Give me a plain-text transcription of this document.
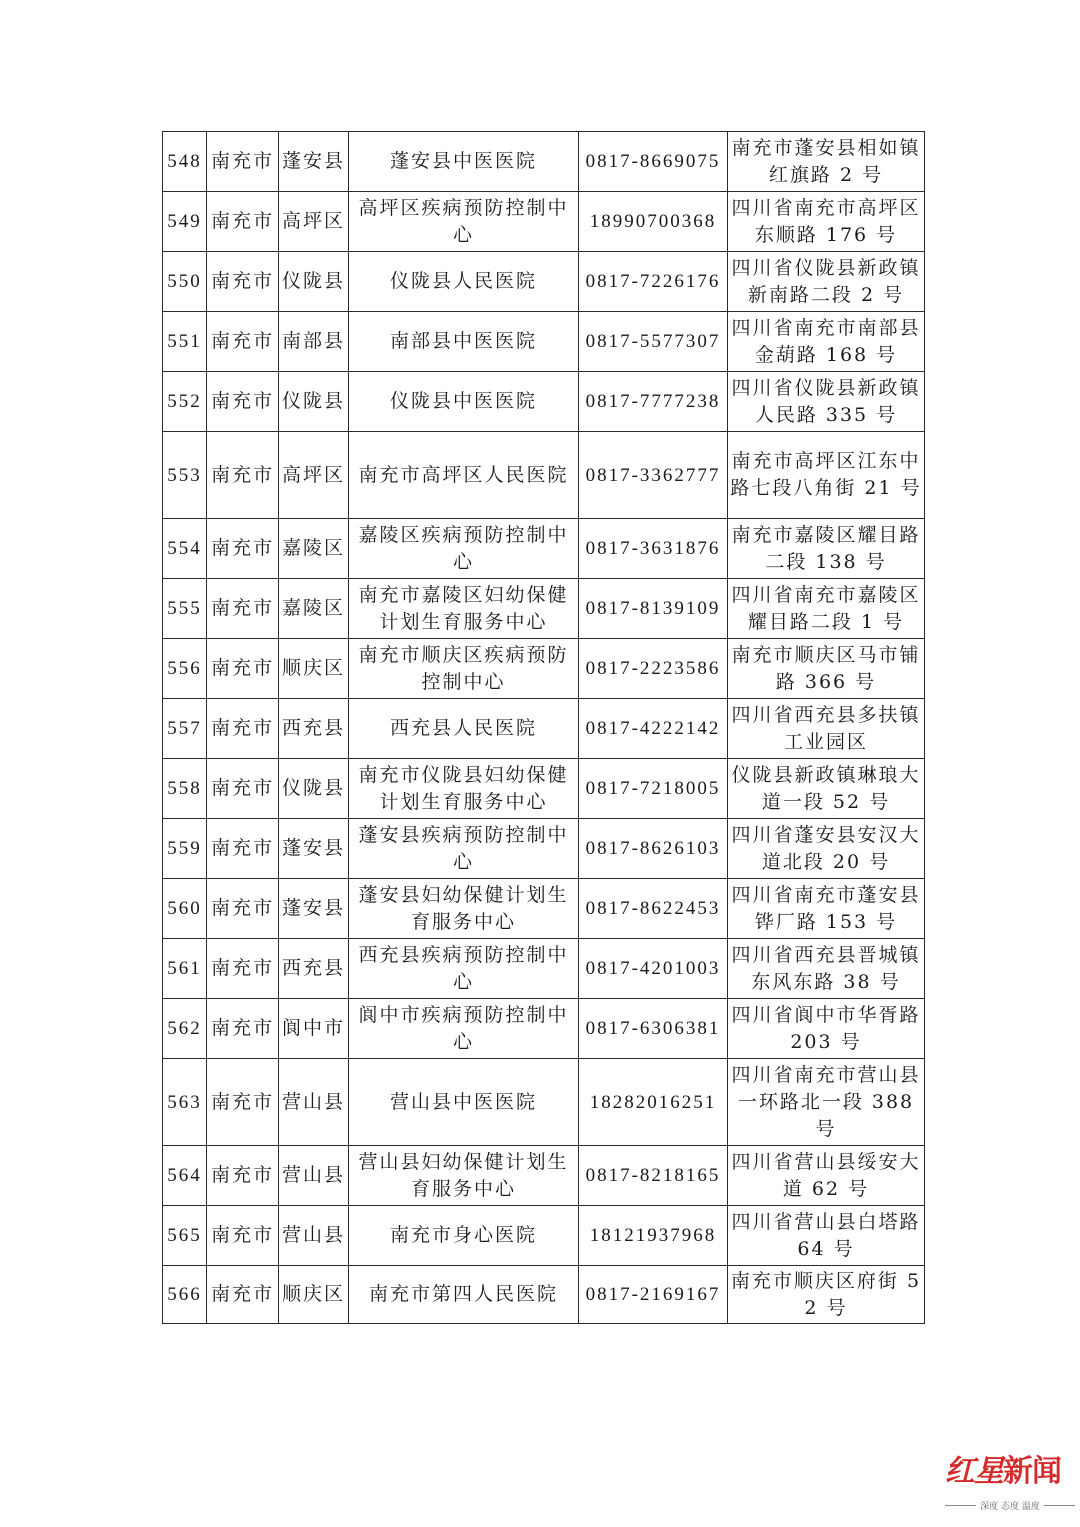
548	南充市	蓬安县	蓬安县中医医院	0817-8669075	南充市蓬安县相如镇红旗路 2 号
549	南充市	高坪区	高坪区疾病预防控制中心	18990700368	四川省南充市高坪区东顺路 176 号
550	南充市	仪陇县	仪陇县人民医院	0817-7226176	四川省仪陇县新政镇新南路二段 2 号
551	南充市	南部县	南部县中医医院	0817-5577307	四川省南充市南部县金葫路 168 号
552	南充市	仪陇县	仪陇县中医医院	0817-7777238	四川省仪陇县新政镇人民路 335 号
553	南充市	高坪区	南充市高坪区人民医院	0817-3362777	南充市高坪区江东中路七段八角街 21 号
554	南充市	嘉陵区	嘉陵区疾病预防控制中心	0817-3631876	南充市嘉陵区耀目路二段 138 号
555	南充市	嘉陵区	南充市嘉陵区妇幼保健计划生育服务中心	0817-8139109	四川省南充市嘉陵区耀目路二段 1 号
556	南充市	顺庆区	南充市顺庆区疾病预防控制中心	0817-2223586	南充市顺庆区马市铺路 366 号
557	南充市	西充县	西充县人民医院	0817-4222142	四川省西充县多扶镇工业园区
558	南充市	仪陇县	南充市仪陇县妇幼保健计划生育服务中心	0817-7218005	仪陇县新政镇琳琅大道一段 52 号
559	南充市	蓬安县	蓬安县疾病预防控制中心	0817-8626103	四川省蓬安县安汉大道北段 20 号
560	南充市	蓬安县	蓬安县妇幼保健计划生育服务中心	0817-8622453	四川省南充市蓬安县铧厂路 153 号
561	南充市	西充县	西充县疾病预防控制中心	0817-4201003	四川省西充县晋城镇东风东路 38 号
562	南充市	阆中市	阆中市疾病预防控制中心	0817-6306381	四川省阆中市华胥路 203 号
563	南充市	营山县	营山县中医医院	18282016251	四川省南充市营山县一环路北一段 388 号
564	南充市	营山县	营山县妇幼保健计划生育服务中心	0817-8218165	四川省营山县绥安大道 62 号
565	南充市	营山县	南充市身心医院	18121937968	四川省营山县白塔路 64 号
566	南充市	顺庆区	南充市第四人民医院	0817-2169167	南充市顺庆区府街 52 号
红星新闻
深度 态度 温度
